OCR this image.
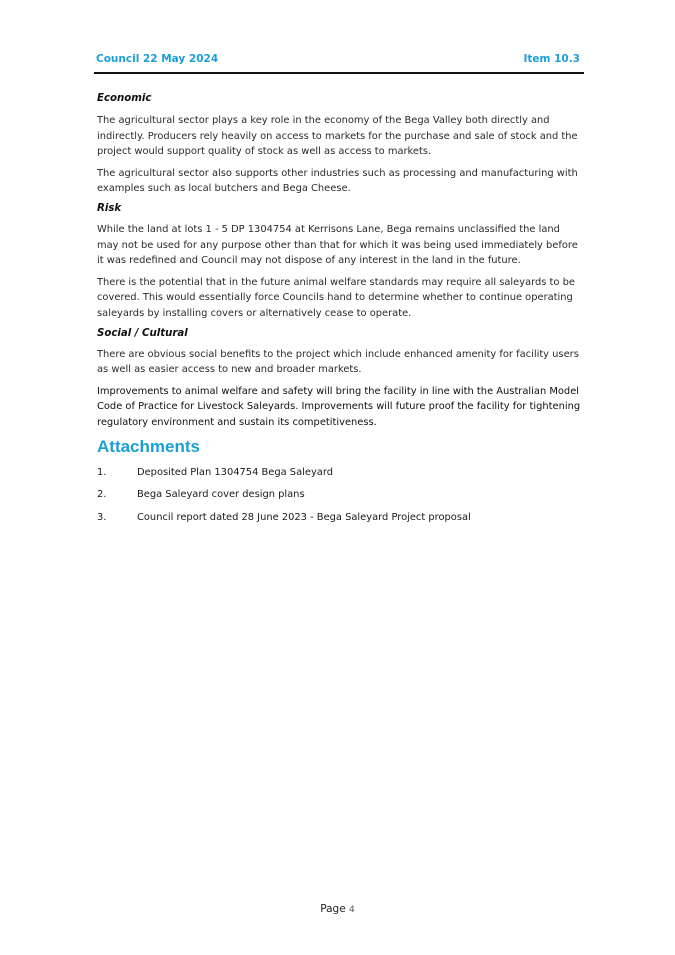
Council 22 May 2024	Item 10.3

Economic

The agricultural sector plays a key role in the economy of the Bega Valley both directly and indirectly. Producers rely heavily on access to markets for the purchase and sale of stock and the project would support quality of stock as well as access to markets.

The agricultural sector also supports other industries such as processing and manufacturing with examples such as local butchers and Bega Cheese.

Risk

While the land at lots 1 - 5 DP 1304754 at Kerrisons Lane, Bega remains unclassified the land may not be used for any purpose other than that for which it was being used immediately before it was redefined and Council may not dispose of any interest in the land in the future.

There is the potential that in the future animal welfare standards may require all saleyards to be covered. This would essentially force Councils hand to determine whether to continue operating saleyards by installing covers or alternatively cease to operate.

Social / Cultural

There are obvious social benefits to the project which include enhanced amenity for facility users as well as easier access to new and broader markets.

Improvements to animal welfare and safety will bring the facility in line with the Australian Model Code of Practice for Livestock Saleyards. Improvements will future proof the facility for tightening regulatory environment and sustain its competitiveness.

Attachments
1.	Deposited Plan 1304754 Bega Saleyard
2.	Bega Saleyard cover design plans
3.	Council report dated 28 June 2023 - Bega Saleyard Project proposal
Page 4
